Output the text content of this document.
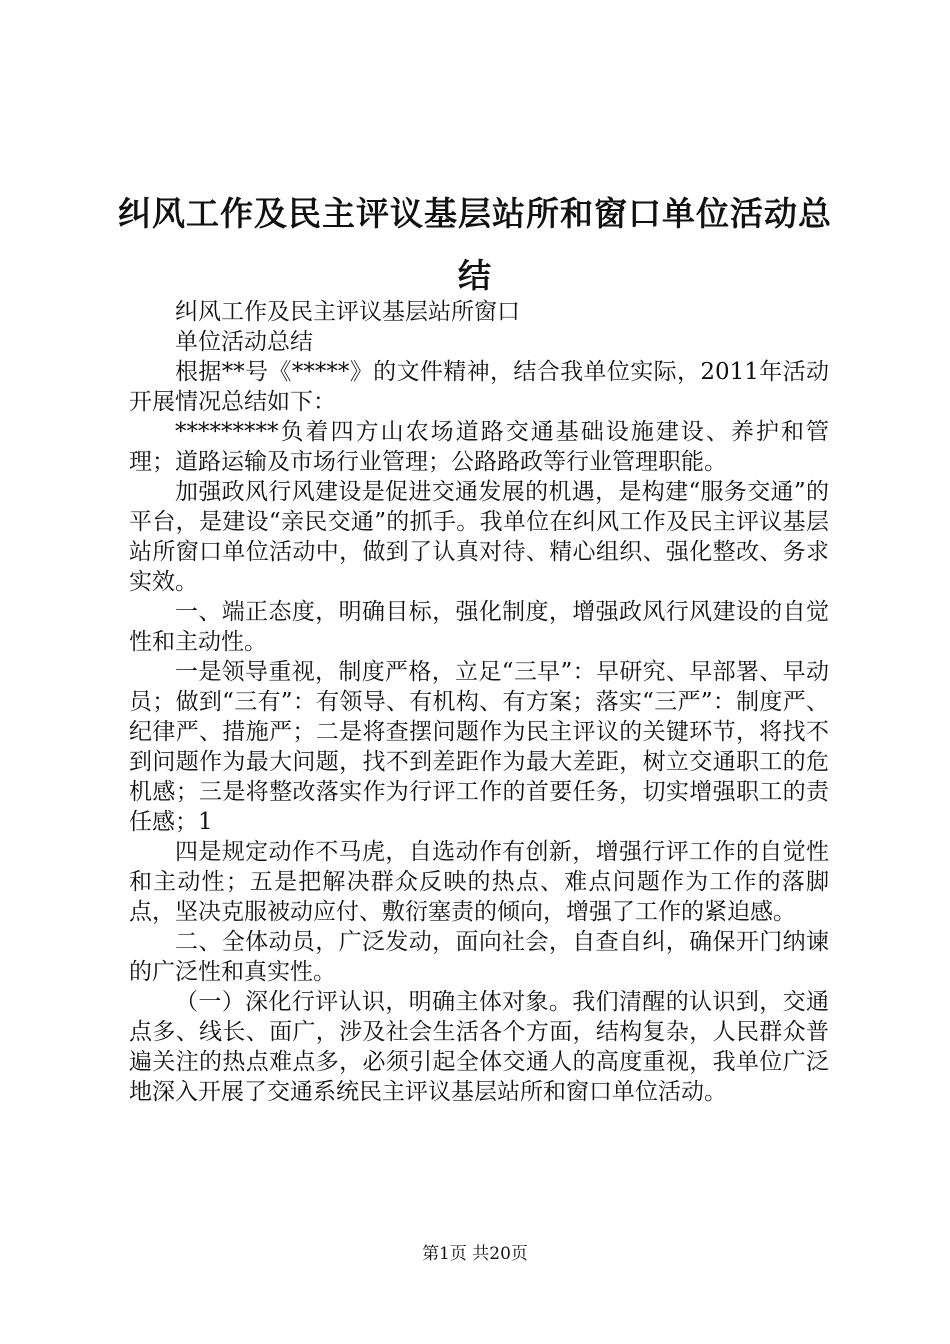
纠风工作及民主评议基层站所和窗口单位活动总结

纠风工作及民主评议基层站所窗口

单位活动总结

根据**号《*****》的文件精神，结合我单位实际，2011年活动开展情况总结如下：

*********负着四方山农场道路交通基础设施建设、养护和管理；道路运输及市场行业管理；公路路政等行业管理职能。

加强政风行风建设是促进交通发展的机遇，是构建“服务交通”的平台，是建设“亲民交通”的抓手。我单位在纠风工作及民主评议基层站所窗口单位活动中，做到了认真对待、精心组织、强化整改、务求实效。

一、端正态度，明确目标，强化制度，增强政风行风建设的自觉性和主动性。

一是领导重视，制度严格，立足“三早”：早研究、早部署、早动员；做到“三有”：有领导、有机构、有方案；落实“三严”：制度严、纪律严、措施严；二是将查摆问题作为民主评议的关键环节，将找不到问题作为最大问题，找不到差距作为最大差距，树立交通职工的危机感；三是将整改落实作为行评工作的首要任务，切实增强职工的责任感；1

四是规定动作不马虎，自选动作有创新，增强行评工作的自觉性和主动性；五是把解决群众反映的热点、难点问题作为工作的落脚点，坚决克服被动应付、敷衍塞责的倾向，增强了工作的紧迫感。

二、全体动员，广泛发动，面向社会，自查自纠，确保开门纳谏的广泛性和真实性。

（一）深化行评认识，明确主体对象。我们清醒的认识到，交通点多、线长、面广，涉及社会生活各个方面，结构复杂，人民群众普遍关注的热点难点多，必须引起全体交通人的高度重视，我单位广泛地深入开展了交通系统民主评议基层站所和窗口单位活动。

第1页 共20页
